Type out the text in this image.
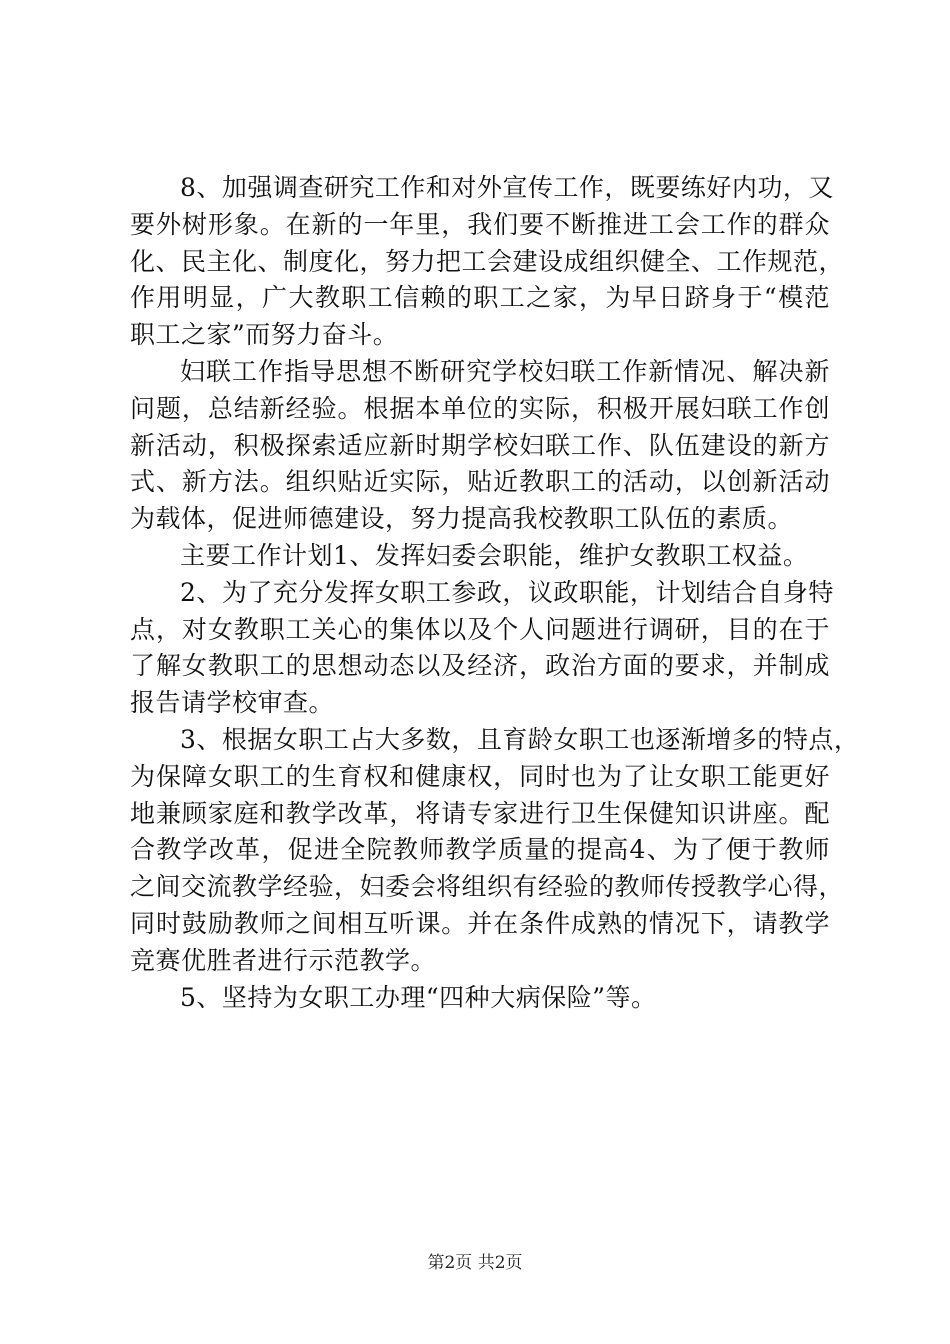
8、加强调查研究工作和对外宣传工作，既要练好内功，又
要外树形象。在新的一年里，我们要不断推进工会工作的群众
化、民主化、制度化，努力把工会建设成组织健全、工作规范，
作用明显，广大教职工信赖的职工之家，为早日跻身于“模范
职工之家”而努力奋斗。
妇联工作指导思想不断研究学校妇联工作新情况、解决新
问题，总结新经验。根据本单位的实际，积极开展妇联工作创
新活动，积极探索适应新时期学校妇联工作、队伍建设的新方
式、新方法。组织贴近实际，贴近教职工的活动，以创新活动
为载体，促进师德建设，努力提高我校教职工队伍的素质。
主要工作计划1、发挥妇委会职能，维护女教职工权益。
2、为了充分发挥女职工参政，议政职能，计划结合自身特
点，对女教职工关心的集体以及个人问题进行调研，目的在于
了解女教职工的思想动态以及经济，政治方面的要求，并制成
报告请学校审查。
3、根据女职工占大多数，且育龄女职工也逐渐增多的特点，
为保障女职工的生育权和健康权，同时也为了让女职工能更好
地兼顾家庭和教学改革，将请专家进行卫生保健知识讲座。配
合教学改革，促进全院教师教学质量的提高4、为了便于教师
之间交流教学经验，妇委会将组织有经验的教师传授教学心得，
同时鼓励教师之间相互听课。并在条件成熟的情况下，请教学
竞赛优胜者进行示范教学。
5、坚持为女职工办理“四种大病保险”等。
第2页 共2页
